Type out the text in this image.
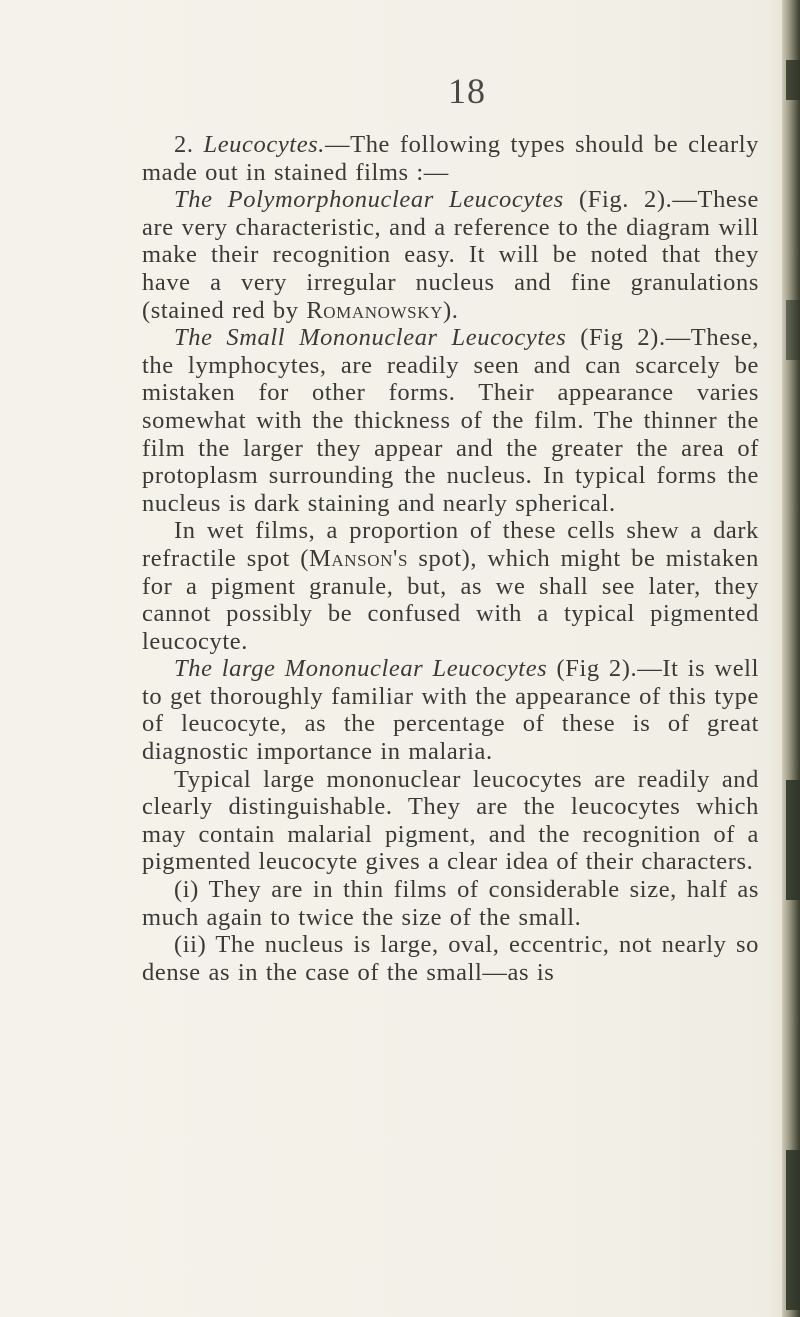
18

2. Leucocytes.—The following types should be clearly made out in stained films :—

The Polymorphonuclear Leucocytes (Fig. 2).—These are very characteristic, and a reference to the diagram will make their recognition easy. It will be noted that they have a very irregular nucleus and fine granulations (stained red by Romanowsky).

The Small Mononuclear Leucocytes (Fig 2).—These, the lymphocytes, are readily seen and can scarcely be mistaken for other forms. Their appearance varies somewhat with the thickness of the film. The thinner the film the larger they appear and the greater the area of protoplasm surrounding the nucleus. In typical forms the nucleus is dark staining and nearly spherical.

In wet films, a proportion of these cells shew a dark refractile spot (Manson's spot), which might be mistaken for a pigment granule, but, as we shall see later, they cannot possibly be confused with a typical pigmented leucocyte.

The large Mononuclear Leucocytes (Fig 2).—It is well to get thoroughly familiar with the appearance of this type of leucocyte, as the percentage of these is of great diagnostic importance in malaria.

Typical large mononuclear leucocytes are readily and clearly distinguishable. They are the leucocytes which may contain malarial pigment, and the recognition of a pigmented leucocyte gives a clear idea of their characters.

(i) They are in thin films of considerable size, half as much again to twice the size of the small.

(ii) The nucleus is large, oval, eccentric, not nearly so dense as in the case of the small—as is
